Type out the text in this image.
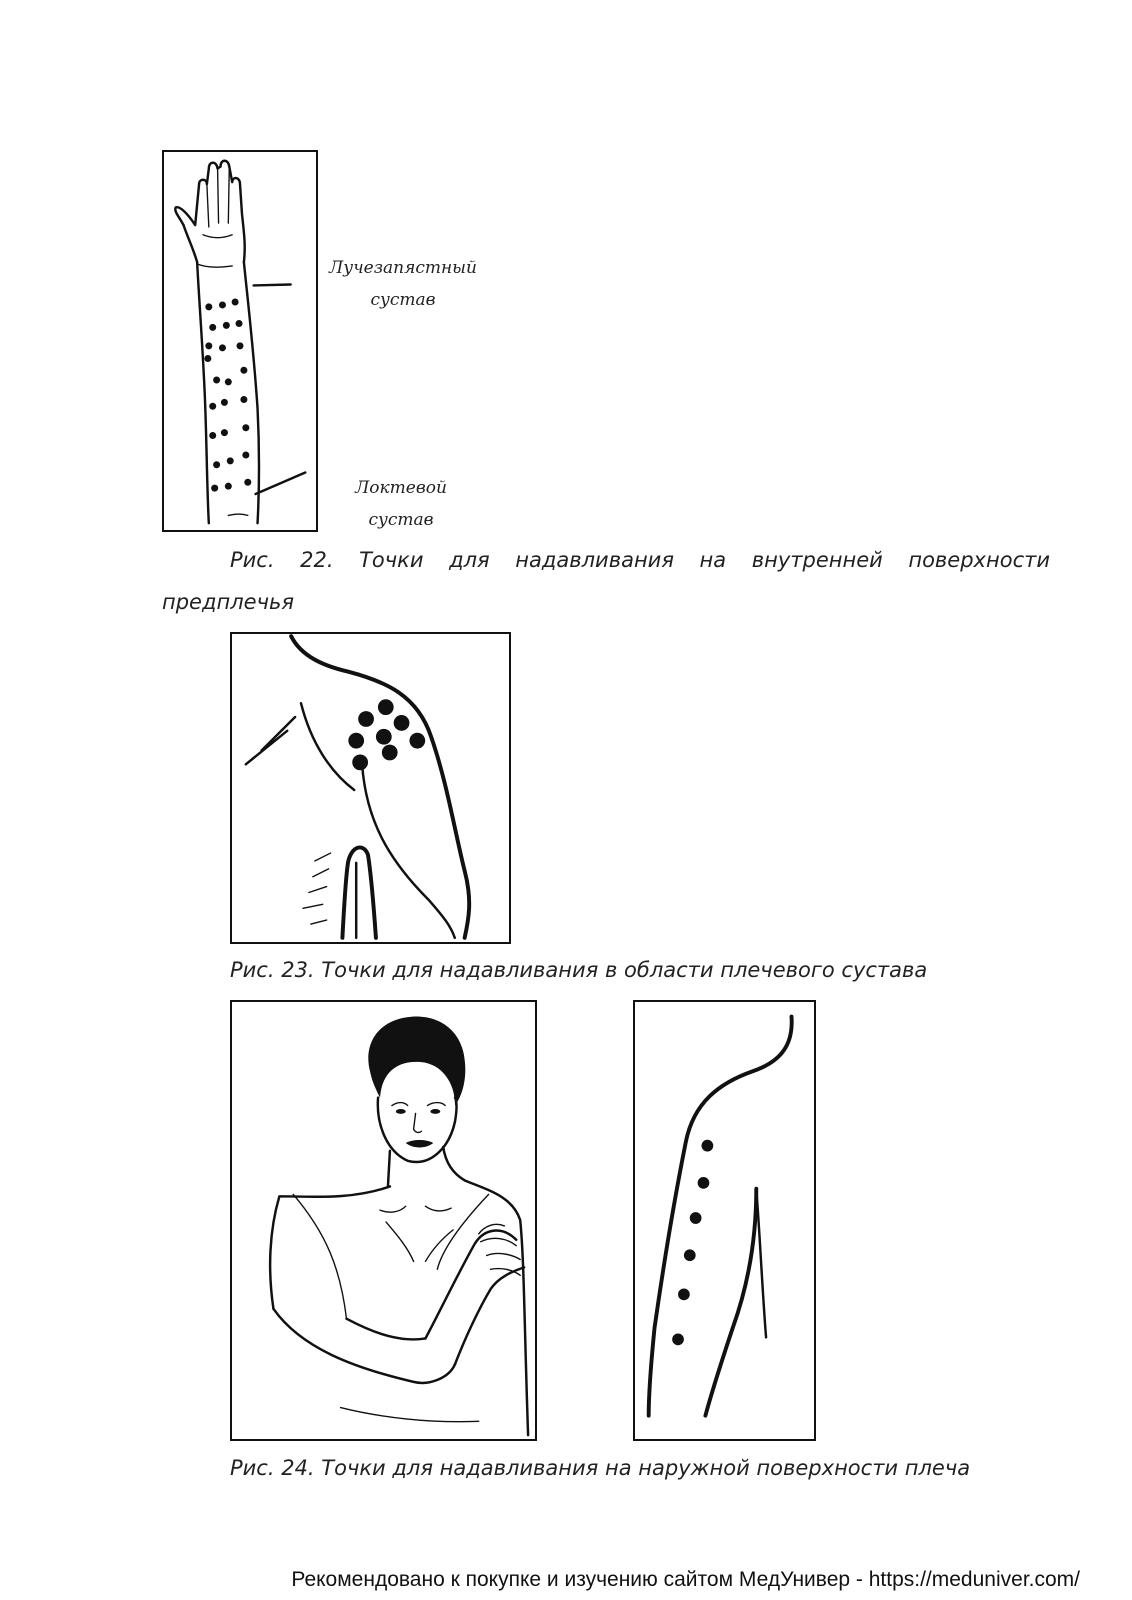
Лучезапястный
сустав
Локтевой
сустав
Рис. 22. Точки для надавливания на внутренней поверхности
предплечья
Рис. 23. Точки для надавливания в области плечевого сустава
Рис. 24. Точки для надавливания на наружной поверхности плеча
Рекомендовано к покупке и изучению сайтом МедУнивер - https://meduniver.com/
